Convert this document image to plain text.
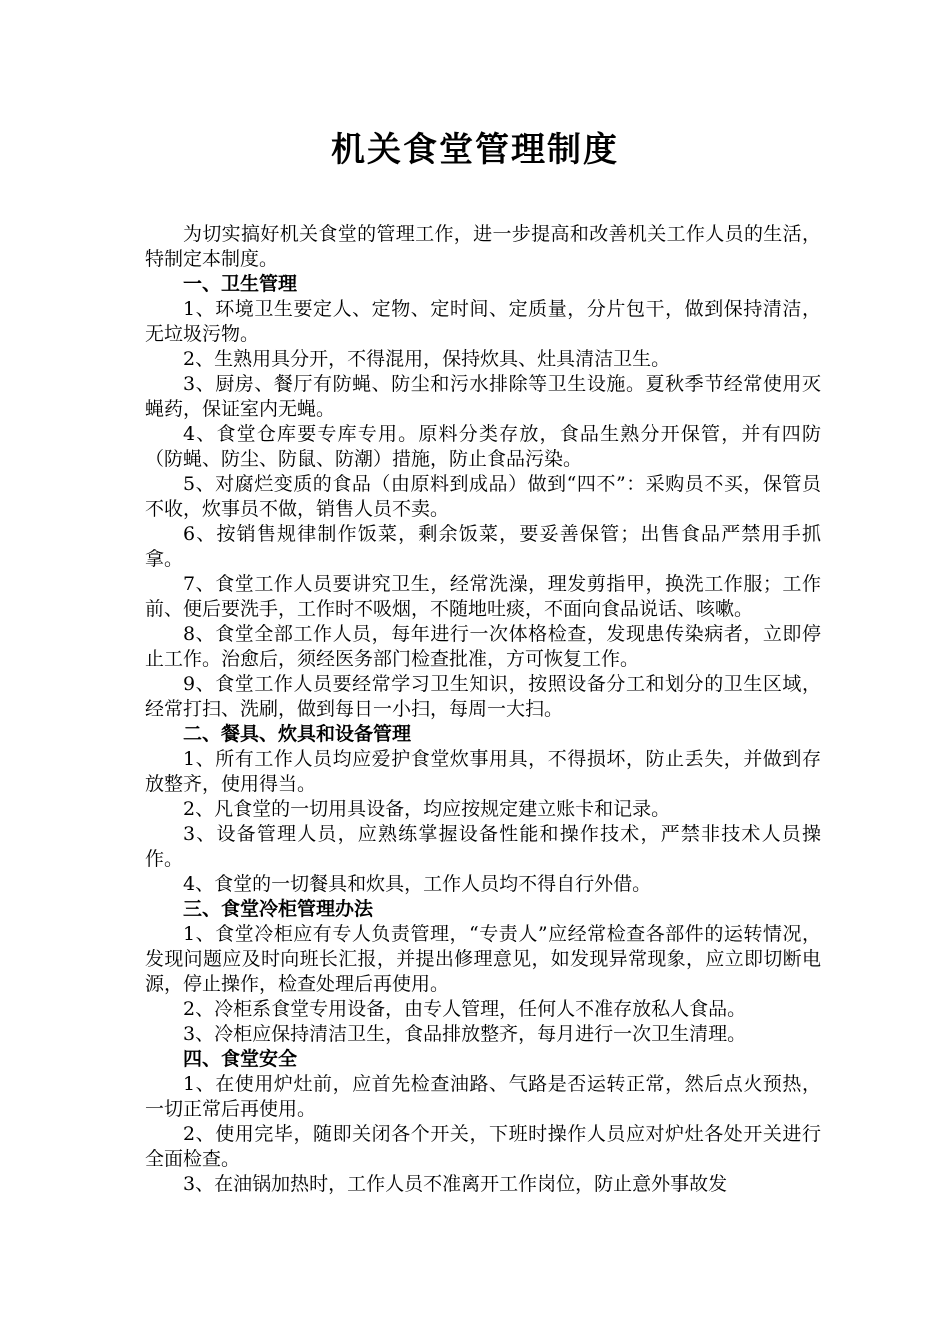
机关食堂管理制度

为切实搞好机关食堂的管理工作，进一步提高和改善机关工作人员的生活，特制定本制度。

一、卫生管理

1、环境卫生要定人、定物、定时间、定质量，分片包干，做到保持清洁，无垃圾污物。

2、生熟用具分开，不得混用，保持炊具、灶具清洁卫生。

3、厨房、餐厅有防蝇、防尘和污水排除等卫生设施。夏秋季节经常使用灭蝇药，保证室内无蝇。

4、食堂仓库要专库专用。原料分类存放，食品生熟分开保管，并有四防（防蝇、防尘、防鼠、防潮）措施，防止食品污染。

5、对腐烂变质的食品（由原料到成品）做到“四不”：采购员不买，保管员不收，炊事员不做，销售人员不卖。

6、按销售规律制作饭菜，剩余饭菜，要妥善保管；出售食品严禁用手抓拿。

7、食堂工作人员要讲究卫生，经常洗澡，理发剪指甲，换洗工作服；工作前、便后要洗手，工作时不吸烟，不随地吐痰，不面向食品说话、咳嗽。

8、食堂全部工作人员，每年进行一次体格检查，发现患传染病者，立即停止工作。治愈后，须经医务部门检查批准，方可恢复工作。

9、食堂工作人员要经常学习卫生知识，按照设备分工和划分的卫生区域，经常打扫、洗刷，做到每日一小扫，每周一大扫。

二、餐具、炊具和设备管理

1、所有工作人员均应爱护食堂炊事用具，不得损坏，防止丢失，并做到存放整齐，使用得当。

2、凡食堂的一切用具设备，均应按规定建立账卡和记录。

3、设备管理人员，应熟练掌握设备性能和操作技术，严禁非技术人员操作。

4、食堂的一切餐具和炊具，工作人员均不得自行外借。

三、食堂冷柜管理办法

1、食堂冷柜应有专人负责管理，“专责人”应经常检查各部件的运转情况，发现问题应及时向班长汇报，并提出修理意见，如发现异常现象，应立即切断电源，停止操作，检查处理后再使用。

2、冷柜系食堂专用设备，由专人管理，任何人不准存放私人食品。

3、冷柜应保持清洁卫生，食品排放整齐，每月进行一次卫生清理。

四、食堂安全

1、在使用炉灶前，应首先检查油路、气路是否运转正常，然后点火预热，一切正常后再使用。

2、使用完毕，随即关闭各个开关，下班时操作人员应对炉灶各处开关进行全面检查。

3、在油锅加热时，工作人员不准离开工作岗位，防止意外事故发
